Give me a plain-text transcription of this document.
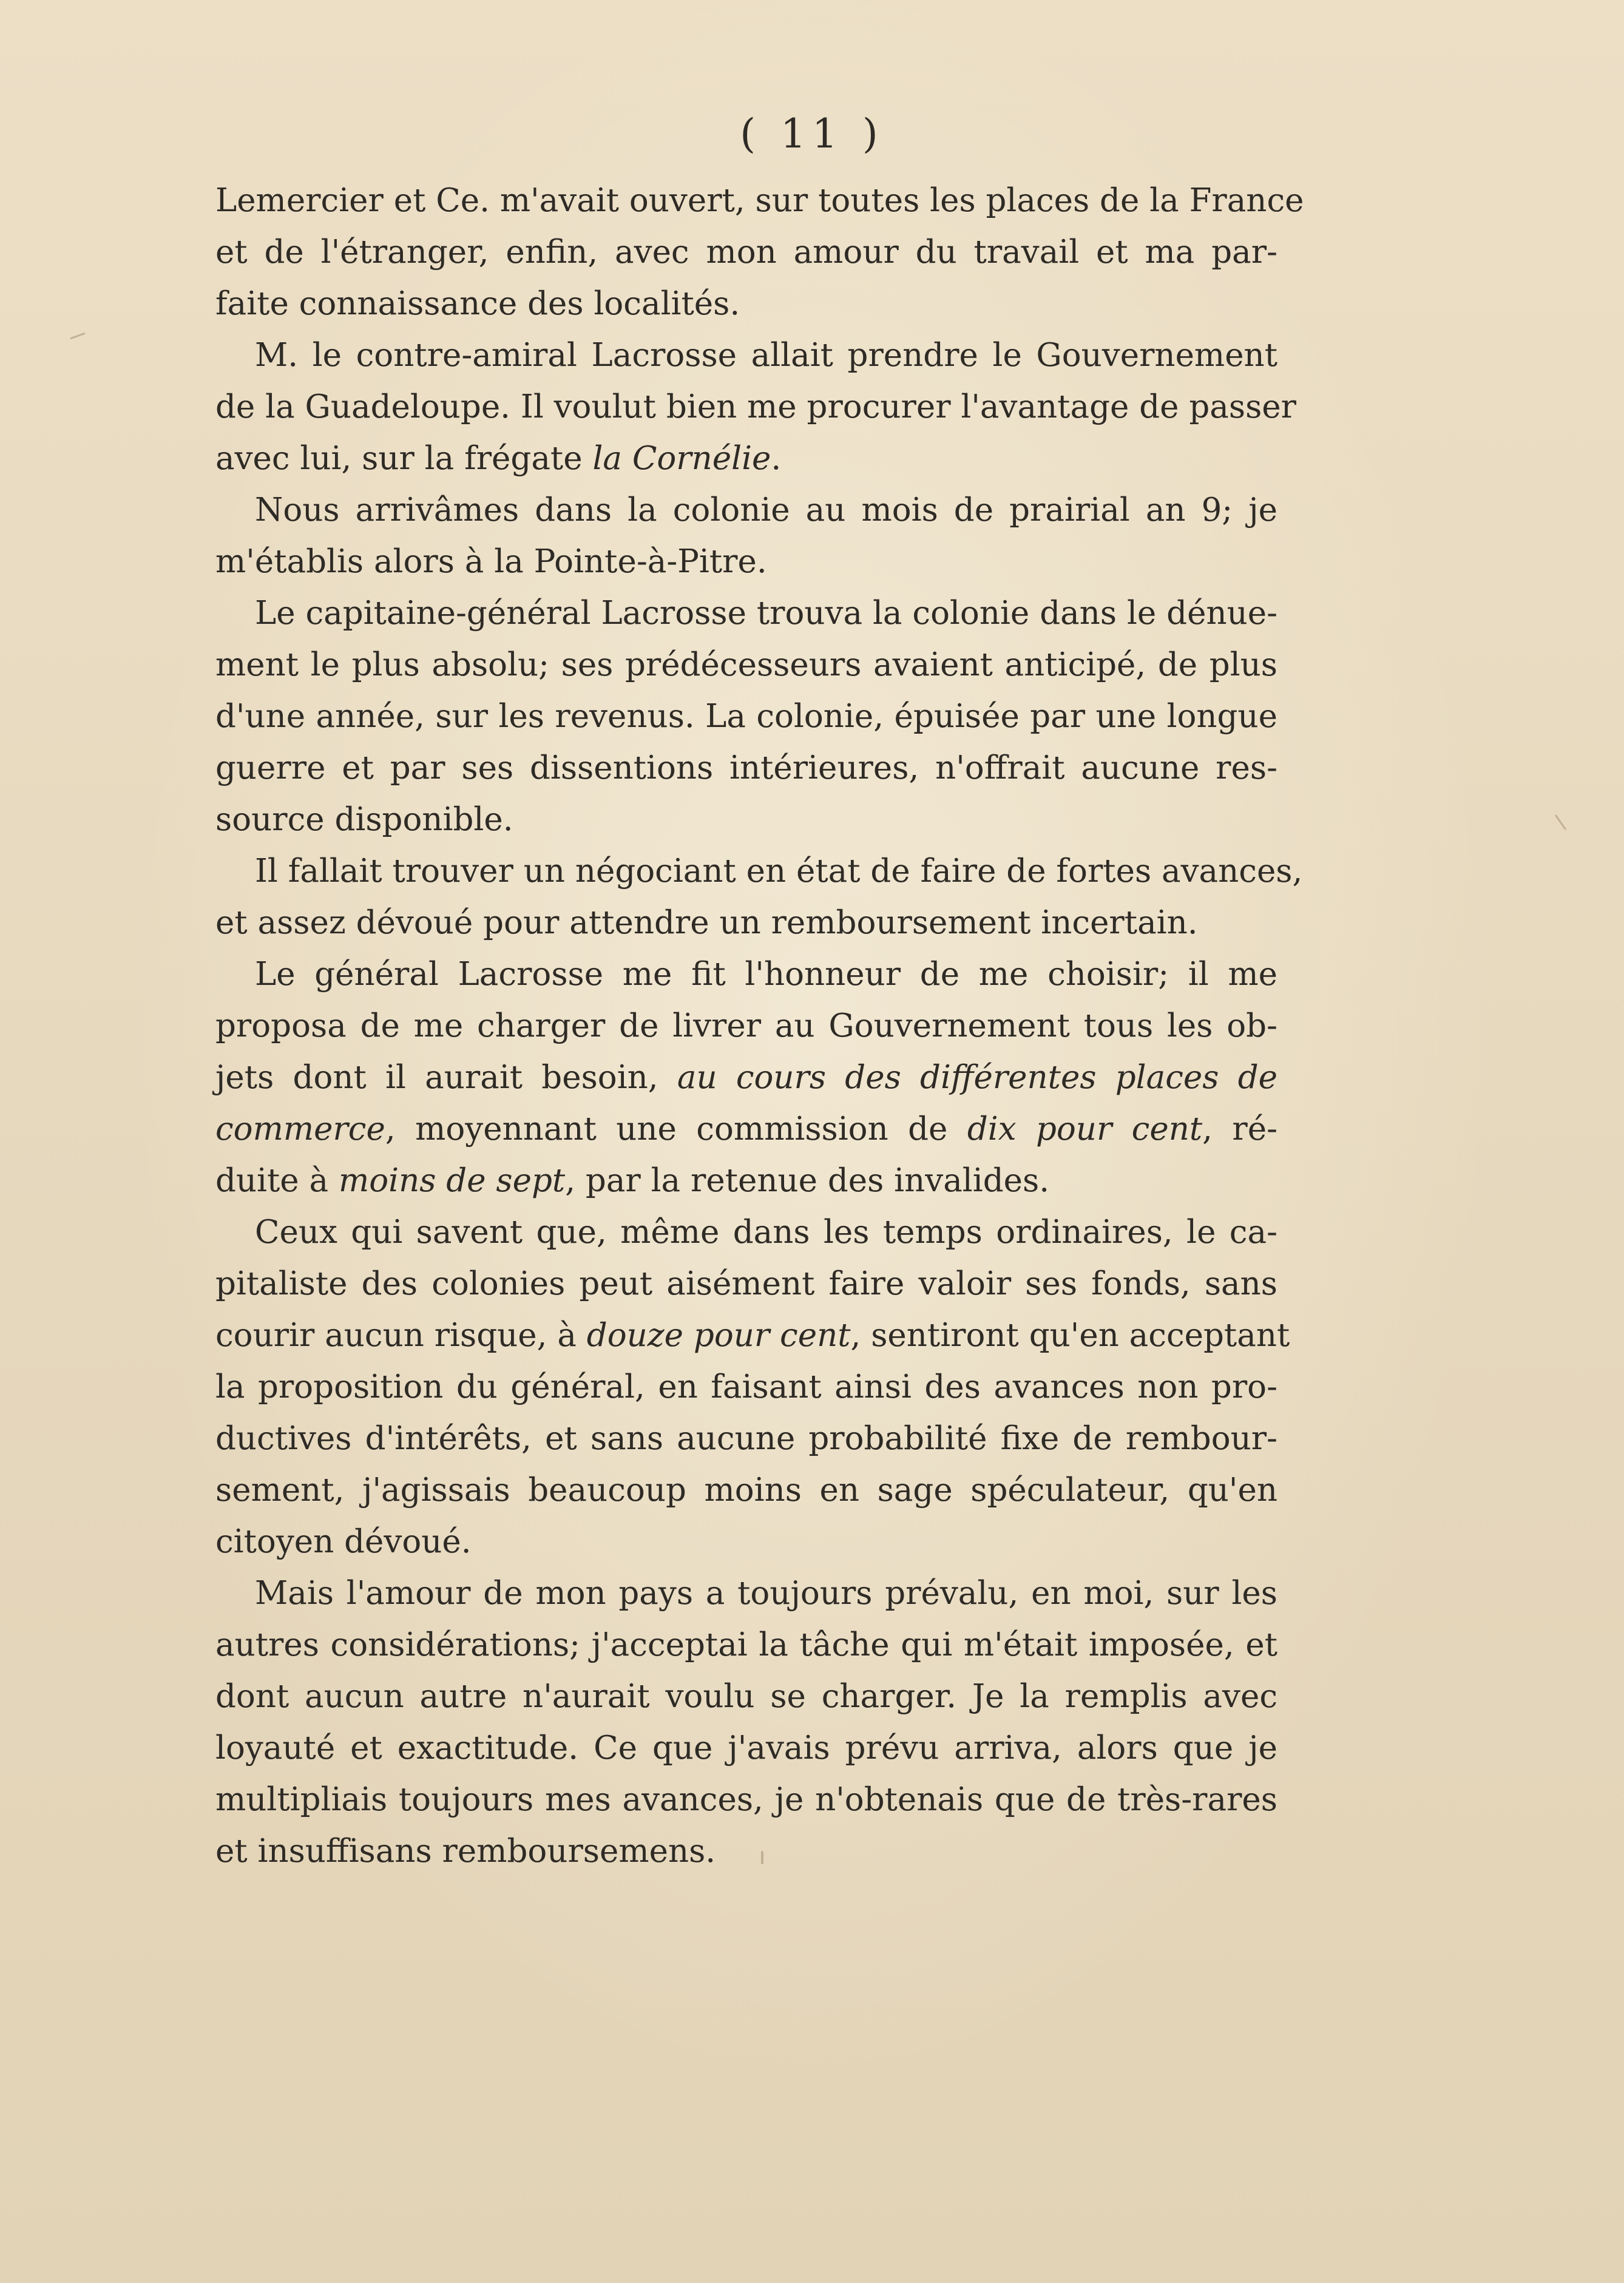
( 11 )
Lemercier et Ce. m'avait ouvert, sur toutes les places de la France
et de l'étranger, enfin, avec mon amour du travail et ma par-
faite connaissance des localités.
M. le contre-amiral Lacrosse allait prendre le Gouvernement
de la Guadeloupe. Il voulut bien me procurer l'avantage de passer
avec lui, sur la frégate la Cornélie.
Nous arrivâmes dans la colonie au mois de prairial an 9; je
m'établis alors à la Pointe-à-Pitre.
Le capitaine-général Lacrosse trouva la colonie dans le dénue-
ment le plus absolu; ses prédécesseurs avaient anticipé, de plus
d'une année, sur les revenus. La colonie, épuisée par une longue
guerre et par ses dissentions intérieures, n'offrait aucune res-
source disponible.
Il fallait trouver un négociant en état de faire de fortes avances,
et assez dévoué pour attendre un remboursement incertain.
Le général Lacrosse me fit l'honneur de me choisir; il me
proposa de me charger de livrer au Gouvernement tous les ob-
jets dont il aurait besoin, au cours des différentes places de
commerce, moyennant une commission de dix pour cent, ré-
duite à moins de sept, par la retenue des invalides.
Ceux qui savent que, même dans les temps ordinaires, le ca-
pitaliste des colonies peut aisément faire valoir ses fonds, sans
courir aucun risque, à douze pour cent, sentiront qu'en acceptant
la proposition du général, en faisant ainsi des avances non pro-
ductives d'intérêts, et sans aucune probabilité fixe de rembour-
sement, j'agissais beaucoup moins en sage spéculateur, qu'en
citoyen dévoué.
Mais l'amour de mon pays a toujours prévalu, en moi, sur les
autres considérations; j'acceptai la tâche qui m'était imposée, et
dont aucun autre n'aurait voulu se charger. Je la remplis avec
loyauté et exactitude. Ce que j'avais prévu arriva, alors que je
multipliais toujours mes avances, je n'obtenais que de très-rares
et insuffisans remboursemens.
